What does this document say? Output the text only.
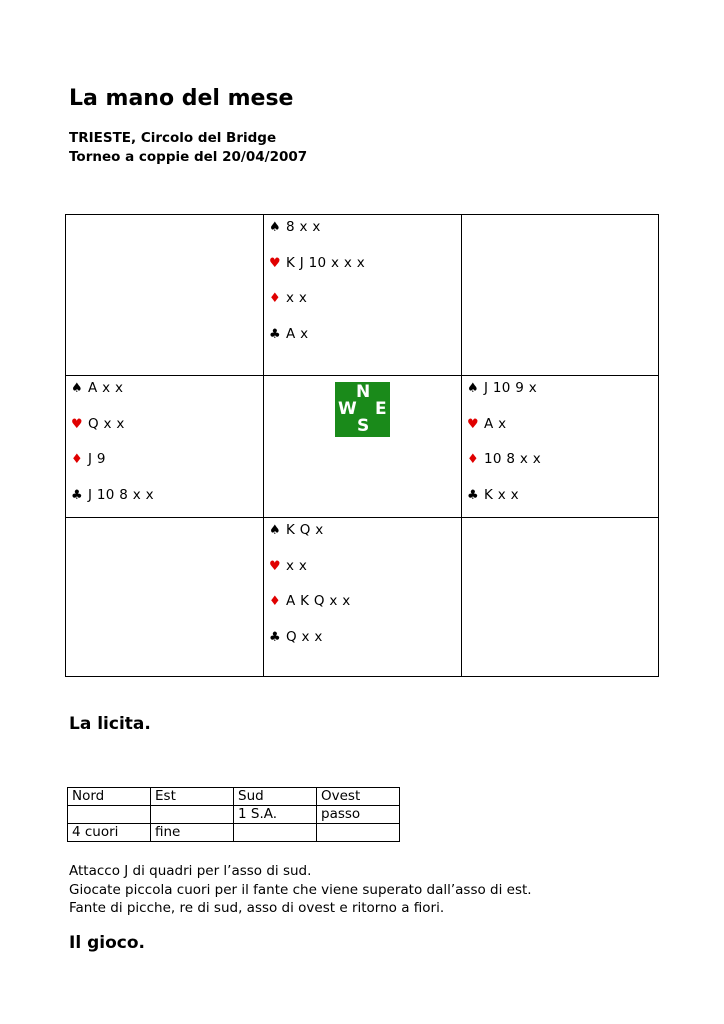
La mano del mese
TRIESTE, Circolo del Bridge
Torneo a coppie del 20/04/2007
♠ 8 x x
♥ K J 10 x x x
♦ x x
♣ A x
♠ A x x
♥ Q x x
♦ J 9
♣ J 10 8 x x
N
W E
S
♠ J 10 9 x
♥ A x
♦ 10 8 x x
♣ K x x
♠ K Q x
♥ x x
♦ A K Q x x
♣ Q x x
La licita.
Nord	Est	Sud	Ovest
		1 S.A.	passo
4 cuori	fine		
Attacco J di quadri per l’asso di sud.
Giocate piccola cuori per il fante che viene superato dall’asso di est.
Fante di picche, re di sud, asso di ovest e ritorno a fiori.
Il gioco.
